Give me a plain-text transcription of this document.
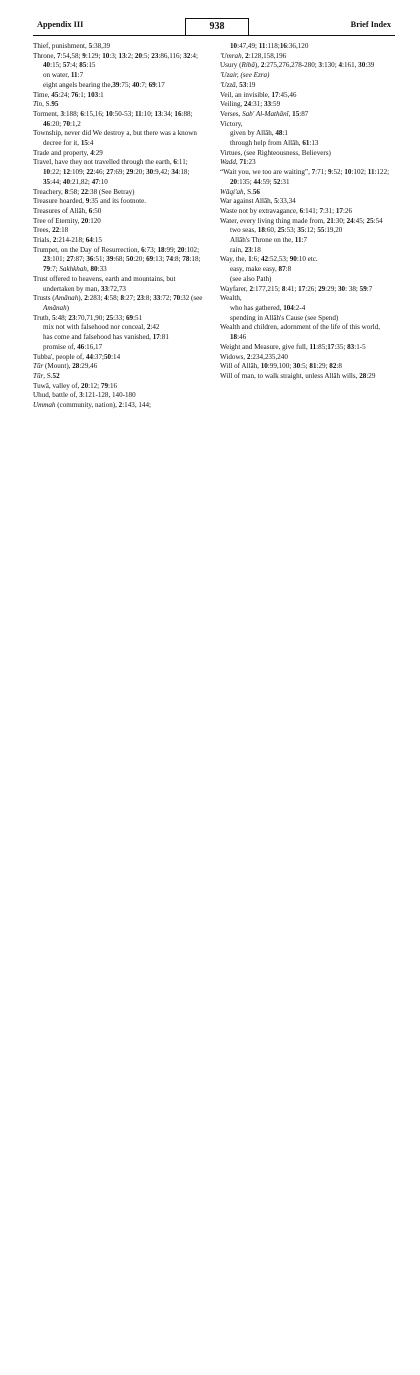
Appendix III	938	Brief Index
Thief, punishment, 5:38,39
Throne, 7:54,58; 9:129; 10:3; 13:2; 20:5; 23:86,116; 32:4; 40:15; 57:4; 85:15
on water, 11:7
eight angels bearing the,39:75; 40:7; 69:17
Time, 45:24; 76:1; 103:1
Tin, S.95
Torment, 3:188; 6:15,16; 10:50-53; 11:10; 13:34; 16:88; 46:20; 70:1,2
Township, never did We destroy a, but there was a known decree for it, 15:4
Trade and property, 4:29
Travel, have they not travelled through the earth, 6:11; 10:22; 12:109; 22:46; 27:69; 29:20; 30:9,42; 34:18; 35:44; 40:21,82; 47:10
Treachery, 8:58; 22:38 (See Betray)
Treasure hoarded, 9:35 and its footnote.
Treasures of Allāh, 6:50
Tree of Eternity, 20:120
Trees, 22:18
Trials, 2:214-218; 64:15
Trumpet, on the Day of Resurrection, 6:73; 18:99; 20:102; 23:101; 27:87; 36:51; 39:68; 50:20; 69:13; 74:8; 78:18; 79:7; Sakhkhah, 80:33
Trust offered to heavens, earth and mountains, but undertaken by man, 33:72,73
Trusts (Amānah), 2:283; 4:58; 8:27; 23:8; 33:72; 70:32 (see Amānah)
Truth, 5:48; 23:70,71,90; 25:33; 69:51
mix not with falsehood nor conceal, 2:42
has come and falsehood has vanished, 17:81
promise of, 46:16,17
Tubba', people of, 44:37;50:14
Tūr (Mount), 28:29,46
Tūr, S.52
Tuwā, valley of, 20:12; 79:16
Uhud, battle of, 3:121-128, 140-180
Ummah (community, nation), 2:143, 144;
10:47,49; 11:118;16:36,120
'Umrah, 2:128,158,196
Usury (Ribā), 2:275,276,278-280; 3:130; 4:161, 30:39
'Uzair, (see Ezra)
'Uzzā, 53:19
Veil, an invisible, 17:45,46
Veiling, 24:31; 33:59
Verses, Sab' Al-Mathānī, 15:87
Victory,
given by Allāh, 48:1
through help from Allāh, 61:13
Virtues, (see Righteousness, Believers)
Wadd, 71:23
“Wait you, we too are waiting”, 7:71; 9:52; 10:102; 11:122; 20:135; 44:59; 52:31
Wāqi'ah, S.56
War against Allāh, 5:33,34
Waste not by extravagance, 6:141; 7:31; 17:26
Water, every living thing made from, 21:30; 24:45; 25:54
two seas, 18:60, 25:53; 35:12; 55:19,20
Allāh's Throne on the, 11:7
rain, 23:18
Way, the, 1:6; 42:52,53; 90:10 etc.
easy, make easy, 87:8
(see also Path)
Wayfarer, 2:177,215; 8:41; 17:26; 29:29; 30: 38; 59:7
Wealth,
who has gathered, 104:2-4
spending in Allāh's Cause (see Spend)
Wealth and children, adornment of the life of this world, 18:46
Weight and Measure, give full, 11:85;17:35; 83:1-5
Widows, 2:234,235,240
Will of Allāh, 10:99,100; 30:5; 81:29; 82:8
Will of man, to walk straight, unless Allāh wills, 28:29
